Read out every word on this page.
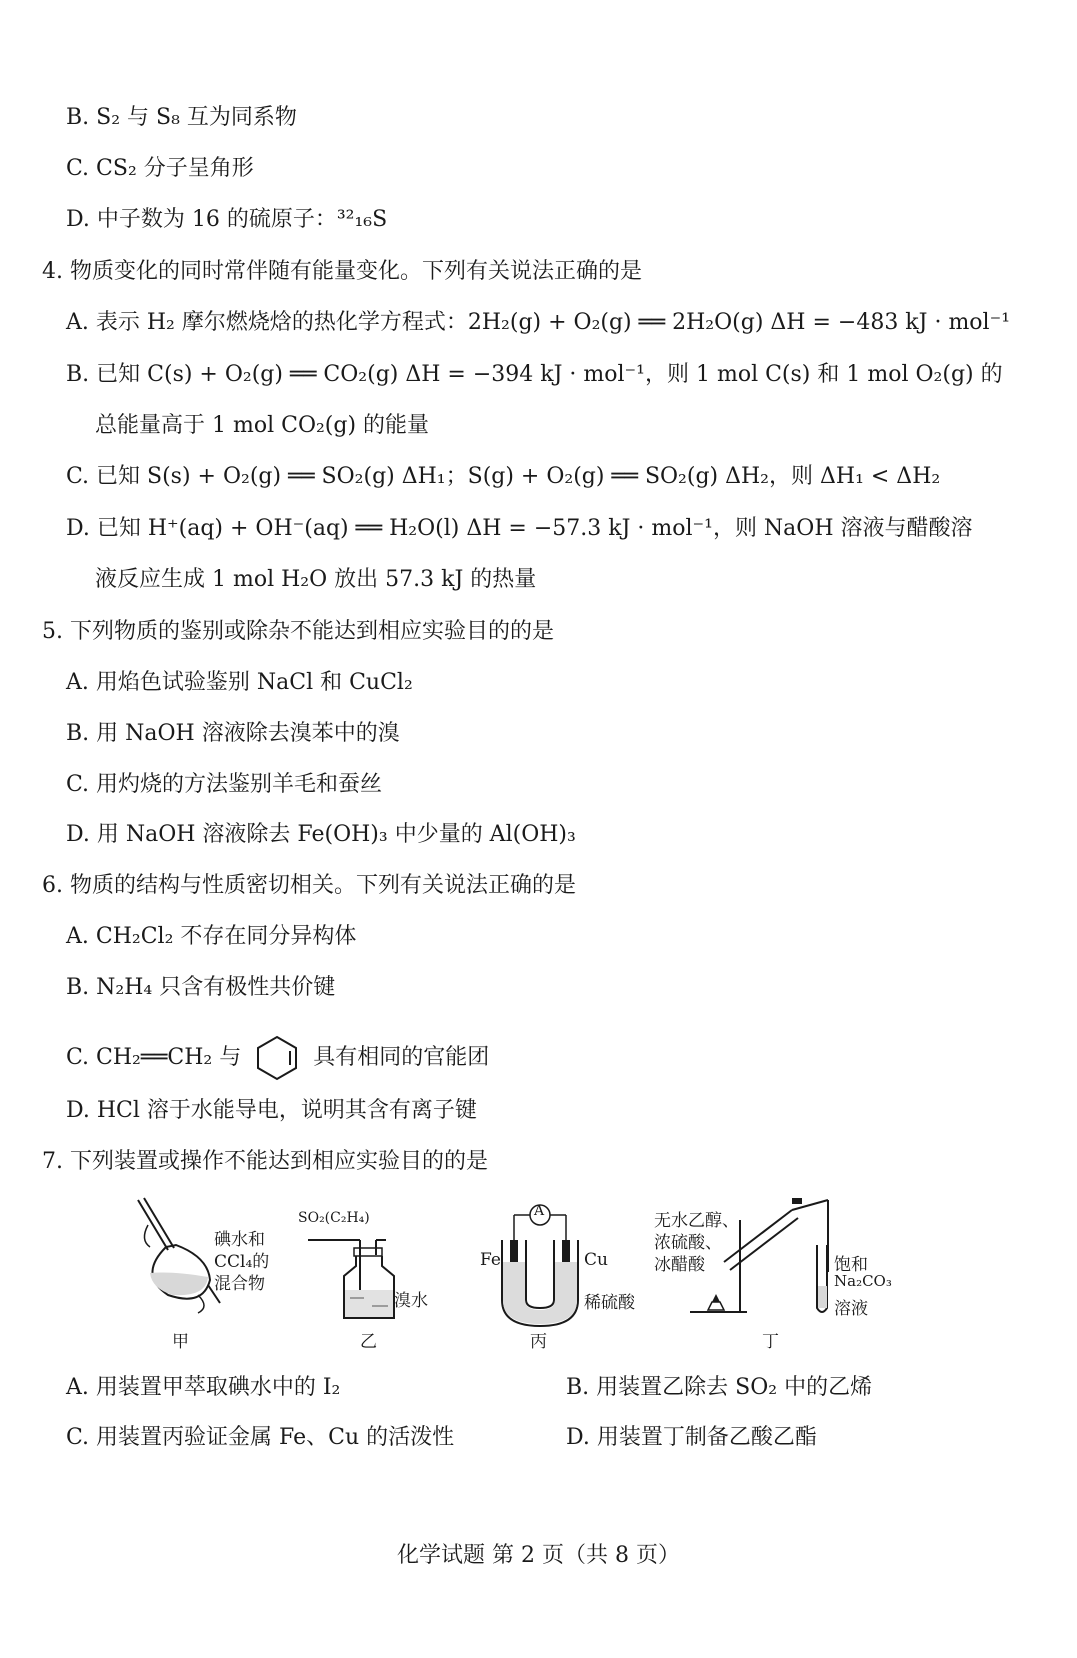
B. S₂ 与 S₈ 互为同系物
C. CS₂ 分子呈角形
D. 中子数为 16 的硫原子：³²₁₆S
4. 物质变化的同时常伴随有能量变化。下列有关说法正确的是
A. 表示 H₂ 摩尔燃烧焓的热化学方程式：2H₂(g) + O₂(g) ══ 2H₂O(g) ΔH = −483 kJ · mol⁻¹
B. 已知 C(s) + O₂(g) ══ CO₂(g) ΔH = −394 kJ · mol⁻¹，则 1 mol C(s) 和 1 mol O₂(g) 的
总能量高于 1 mol CO₂(g) 的能量
C. 已知 S(s) + O₂(g) ══ SO₂(g) ΔH₁；S(g) + O₂(g) ══ SO₂(g) ΔH₂，则 ΔH₁ < ΔH₂
D. 已知 H⁺(aq) + OH⁻(aq) ══ H₂O(l) ΔH = −57.3 kJ · mol⁻¹，则 NaOH 溶液与醋酸溶
液反应生成 1 mol H₂O 放出 57.3 kJ 的热量
5. 下列物质的鉴别或除杂不能达到相应实验目的的是
A. 用焰色试验鉴别 NaCl 和 CuCl₂
B. 用 NaOH 溶液除去溴苯中的溴
C. 用灼烧的方法鉴别羊毛和蚕丝
D. 用 NaOH 溶液除去 Fe(OH)₃ 中少量的 Al(OH)₃
6. 物质的结构与性质密切相关。下列有关说法正确的是
A. CH₂Cl₂ 不存在同分异构体
B. N₂H₄ 只含有极性共价键
C. CH₂══CH₂ 与	具有相同的官能团
D. HCl 溶于水能导电，说明其含有离子键
7. 下列装置或操作不能达到相应实验目的的是
碘水和
CCl₄的
混合物
甲
SO₂(C₂H₄)
溴水
乙
A
Fe	Cu
稀硫酸
丙
无水乙醇、
浓硫酸、
冰醋酸	饱和
Na₂CO₃
溶液
丁
A. 用装置甲萃取碘水中的 I₂	B. 用装置乙除去 SO₂ 中的乙烯
C. 用装置丙验证金属 Fe、Cu 的活泼性	D. 用装置丁制备乙酸乙酯
化学试题 第 2 页（共 8 页）
